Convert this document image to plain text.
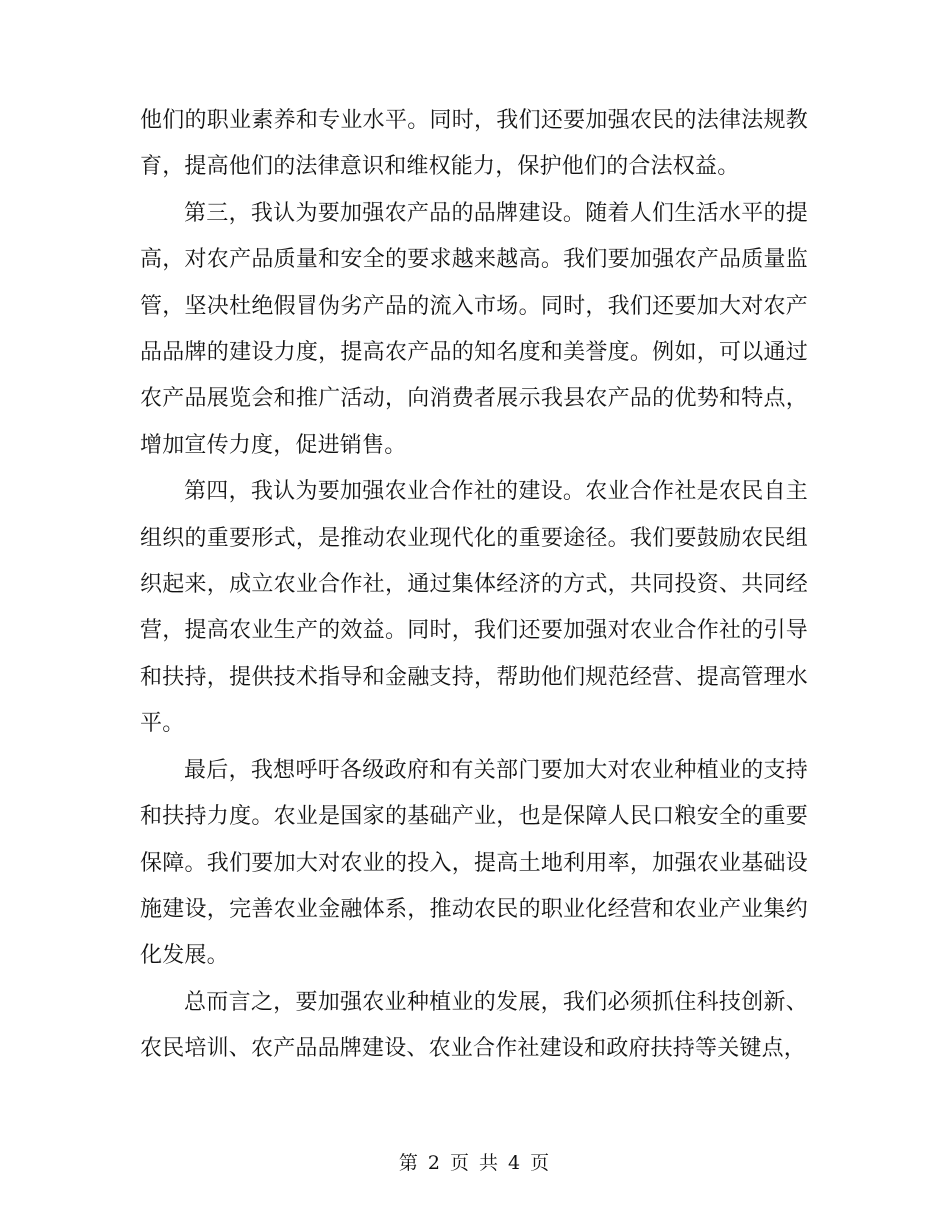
他们的职业素养和专业水平。同时，我们还要加强农民的法律法规教育，提高他们的法律意识和维权能力，保护他们的合法权益。

第三，我认为要加强农产品的品牌建设。随着人们生活水平的提高，对农产品质量和安全的要求越来越高。我们要加强农产品质量监管，坚决杜绝假冒伪劣产品的流入市场。同时，我们还要加大对农产品品牌的建设力度，提高农产品的知名度和美誉度。例如，可以通过农产品展览会和推广活动，向消费者展示我县农产品的优势和特点，增加宣传力度，促进销售。

第四，我认为要加强农业合作社的建设。农业合作社是农民自主组织的重要形式，是推动农业现代化的重要途径。我们要鼓励农民组织起来，成立农业合作社，通过集体经济的方式，共同投资、共同经营，提高农业生产的效益。同时，我们还要加强对农业合作社的引导和扶持，提供技术指导和金融支持，帮助他们规范经营、提高管理水平。

最后，我想呼吁各级政府和有关部门要加大对农业种植业的支持和扶持力度。农业是国家的基础产业，也是保障人民口粮安全的重要保障。我们要加大对农业的投入，提高土地利用率，加强农业基础设施建设，完善农业金融体系，推动农民的职业化经营和农业产业集约化发展。

总而言之，要加强农业种植业的发展，我们必须抓住科技创新、农民培训、农产品品牌建设、农业合作社建设和政府扶持等关键点，

第 2 页 共 4 页
